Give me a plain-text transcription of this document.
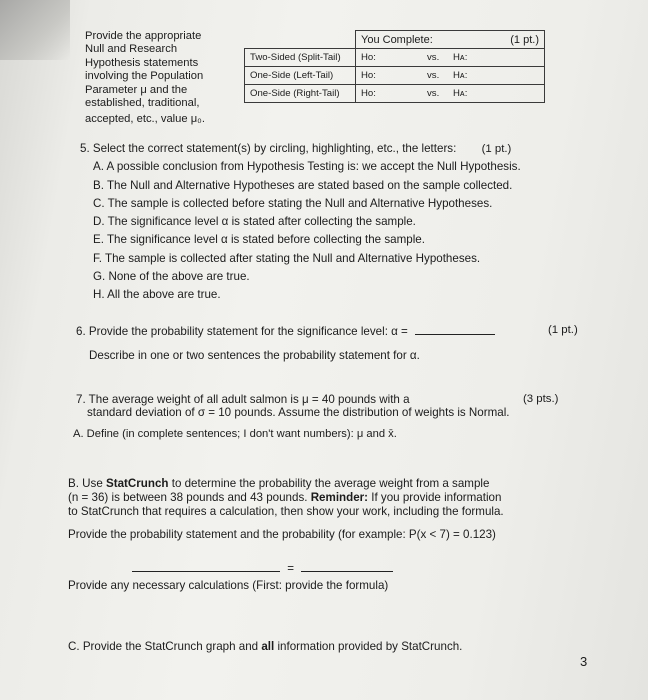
Provide the appropriate
Null and Research
Hypothesis statements
involving the Population
Parameter μ and the
established, traditional,
accepted, etc., value μ₀.
	You Complete: (1 pt.)

Two-Sided (Split-Tail)	Ho: vs. Hᴀ:
One-Side (Left-Tail)	Ho: vs. Hᴀ:
One-Side (Right-Tail)	Ho: vs. Hᴀ:
5. Select the correct statement(s) by circling, highlighting, etc., the letters: (1 pt.)
A. A possible conclusion from Hypothesis Testing is: we accept the Null Hypothesis.
B. The Null and Alternative Hypotheses are stated based on the sample collected.
C. The sample is collected before stating the Null and Alternative Hypotheses.
D. The significance level α is stated after collecting the sample.
E. The significance level α is stated before collecting the sample.
F. The sample is collected after stating the Null and Alternative Hypotheses.
G. None of the above are true.
H. All the above are true.
6. Provide the probability statement for the significance level: α =	(1 pt.)
Describe in one or two sentences the probability statement for α.
7. The average weight of all adult salmon is μ = 40 pounds with a	(3 pts.)
standard deviation of σ = 10 pounds. Assume the distribution of weights is Normal.
A. Define (in complete sentences; I don't want numbers): μ and x̄.
B. Use StatCrunch to determine the probability the average weight from a sample
(n = 36) is between 38 pounds and 43 pounds. Reminder: If you provide information
to StatCrunch that requires a calculation, then show your work, including the formula.
Provide the probability statement and the probability (for example: P(x < 7) = 0.123)
=
Provide any necessary calculations (First: provide the formula)
C. Provide the StatCrunch graph and all information provided by StatCrunch.
3
